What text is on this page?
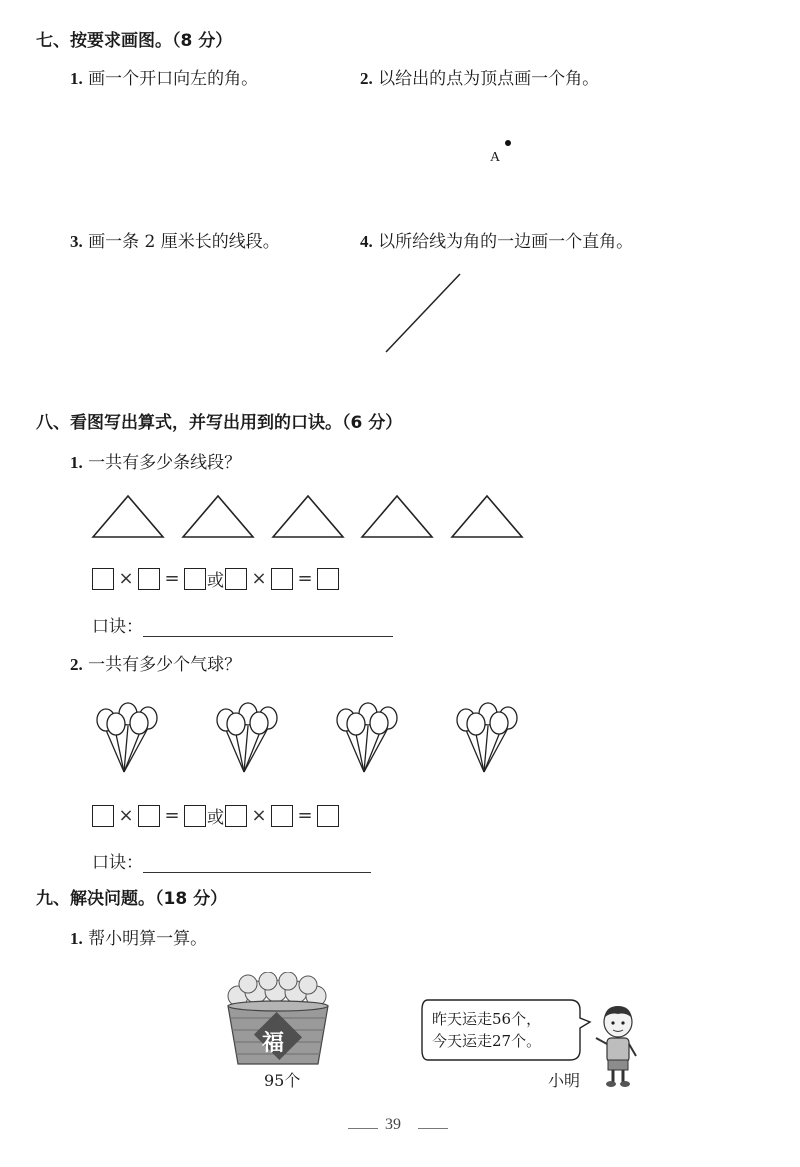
七、按要求画图。（8 分）
1. 画一个开口向左的角。	2. 以给出的点为顶点画一个角。
A
3. 画一条 2 厘米长的线段。	4. 以所给线为角的一边画一个直角。
八、看图写出算式，并写出用到的口诀。（6 分）
1. 一共有多少条线段？
× = 或 × =
口诀：
2. 一共有多少个气球？
× = 或 × =
口诀：
九、解决问题。（18 分）
1. 帮小明算一算。
福
95个
昨天运走56个，
今天运走27个。
小明
39
